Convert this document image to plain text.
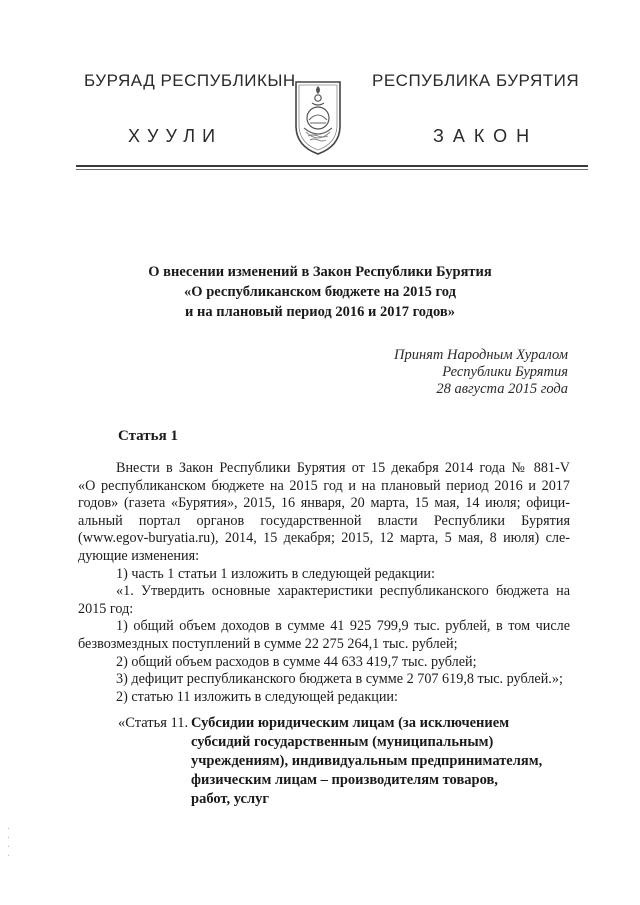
БУРЯАД РЕСПУБЛИКЫН	РЕСПУБЛИКА БУРЯТИЯ
ХУУЛИ	ЗАКОН
О внесении изменений в Закон Республики Бурятия
«О республиканском бюджете на 2015 год
и на плановый период 2016 и 2017 годов»
Принят Народным Хуралом
Республики Бурятия
28 августа 2015 года
Статья 1

Внести в Закон Республики Бурятия от 15 декабря 2014 года № 881-V

«О республиканском бюджете на 2015 год и на плановый период 2016 и 2017

годов» (газета «Бурятия», 2015, 16 января, 20 марта, 15 мая, 14 июля; офици-

альный портал органов государственной власти Республики Бурятия

(www.egov-buryatia.ru), 2014, 15 декабря; 2015, 12 марта, 5 мая, 8 июля) сле-

дующие изменения:

1) часть 1 статьи 1 изложить в следующей редакции:

«1. Утвердить основные характеристики республиканского бюджета на

2015 год:

1) общий объем доходов в сумме 41 925 799,9 тыс. рублей, в том числе

безвозмездных поступлений в сумме 22 275 264,1 тыс. рублей;

2) общий объем расходов в сумме 44 633 419,7 тыс. рублей;

3) дефицит республиканского бюджета в сумме 2 707 619,8 тыс. рублей.»;

2) статью 11 изложить в следующей редакции:

«Статья 11. Субсидии юридическим лицам (за исключением
субсидий государственным (муниципальным)
учреждениям), индивидуальным предпринимателям,
физическим лицам – производителям товаров,
работ, услуг
·
·
·
·
